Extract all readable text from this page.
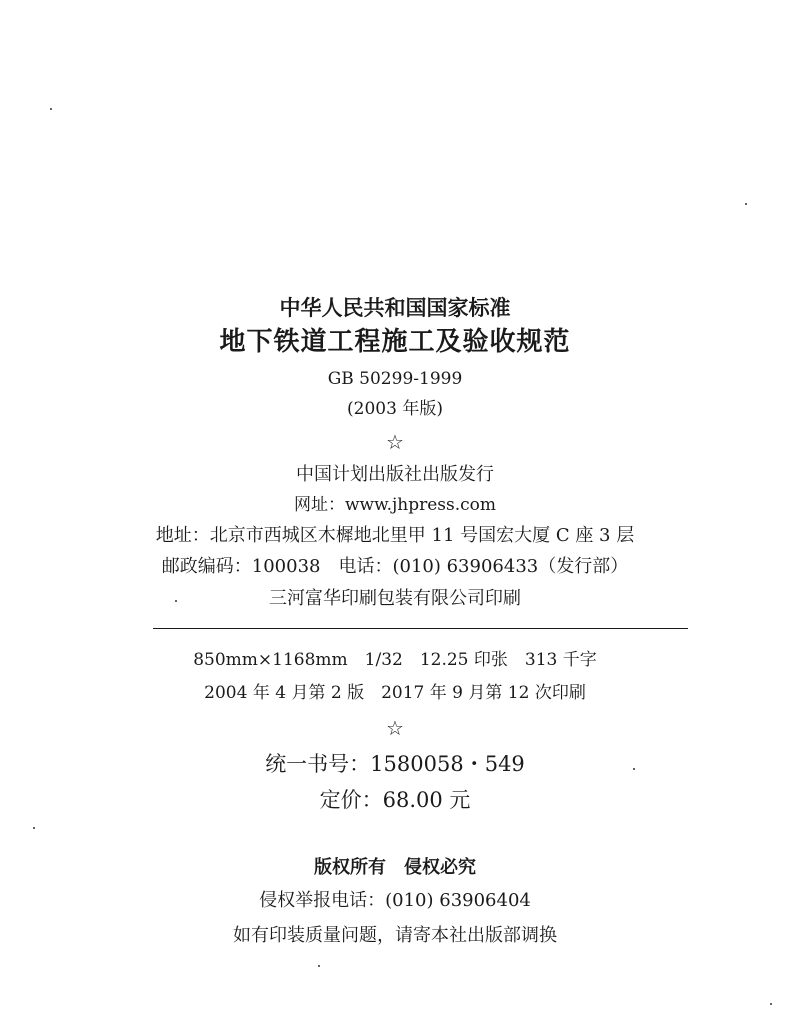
中华人民共和国国家标准
地下铁道工程施工及验收规范
GB 50299-1999
(2003 年版)
☆
中国计划出版社出版发行
网址：www.jhpress.com
地址：北京市西城区木樨地北里甲 11 号国宏大厦 C 座 3 层
邮政编码：100038　电话：(010) 63906433（发行部）
三河富华印刷包装有限公司印刷
850mm×1168mm　1/32　12.25 印张　313 千字
2004 年 4 月第 2 版　2017 年 9 月第 12 次印刷
☆
统一书号：1580058・549
定价：68.00 元
版权所有　侵权必究
侵权举报电话：(010) 63906404
如有印装质量问题，请寄本社出版部调换
